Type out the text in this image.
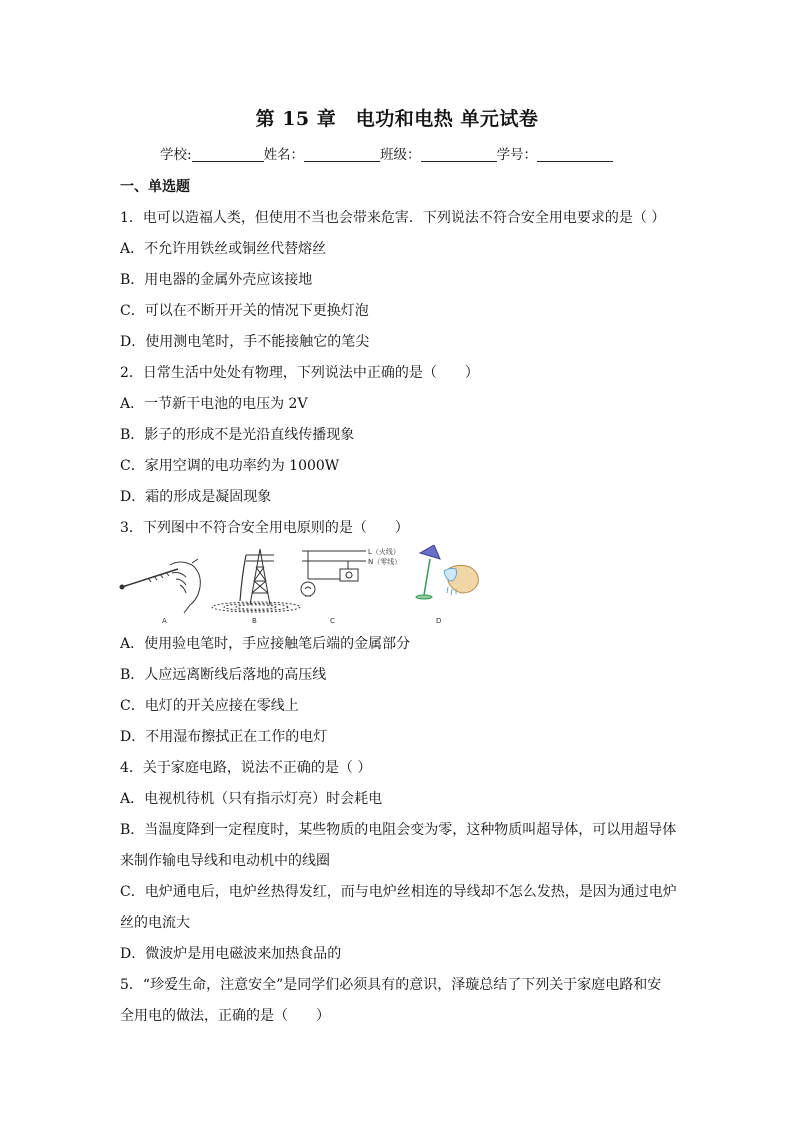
第 15 章　电功和电热 单元试卷
学校:	姓名：	班级：	学号：
一、单选题
1．电可以造福人类，但使用不当也会带来危害．下列说法不符合安全用电要求的是（ ）
A．不允许用铁丝或铜丝代替熔丝
B．用电器的金属外壳应该接地
C．可以在不断开开关的情况下更换灯泡
D．使用测电笔时，手不能接触它的笔尖
2．日常生活中处处有物理，下列说法中正确的是（　　）
A．一节新干电池的电压为 2V
B．影子的形成不是光沿直线传播现象
C．家用空调的电功率约为 1000W
D．霜的形成是凝固现象
3．下列图中不符合安全用电原则的是（　　）
A	B
L（火线）
N（零线）
C	D
A．使用验电笔时，手应接触笔后端的金属部分
B．人应远离断线后落地的高压线
C．电灯的开关应接在零线上
D．不用湿布擦拭正在工作的电灯
4．关于家庭电路，说法不正确的是（ ）
A．电视机待机（只有指示灯亮）时会耗电
B．当温度降到一定程度时，某些物质的电阻会变为零，这种物质叫超导体，可以用超导体
来制作输电导线和电动机中的线圈
C．电炉通电后，电炉丝热得发红，而与电炉丝相连的导线却不怎么发热，是因为通过电炉
丝的电流大
D．微波炉是用电磁波来加热食品的
5．“珍爱生命，注意安全”是同学们必须具有的意识，泽璇总结了下列关于家庭电路和安
全用电的做法，正确的是（　　）
